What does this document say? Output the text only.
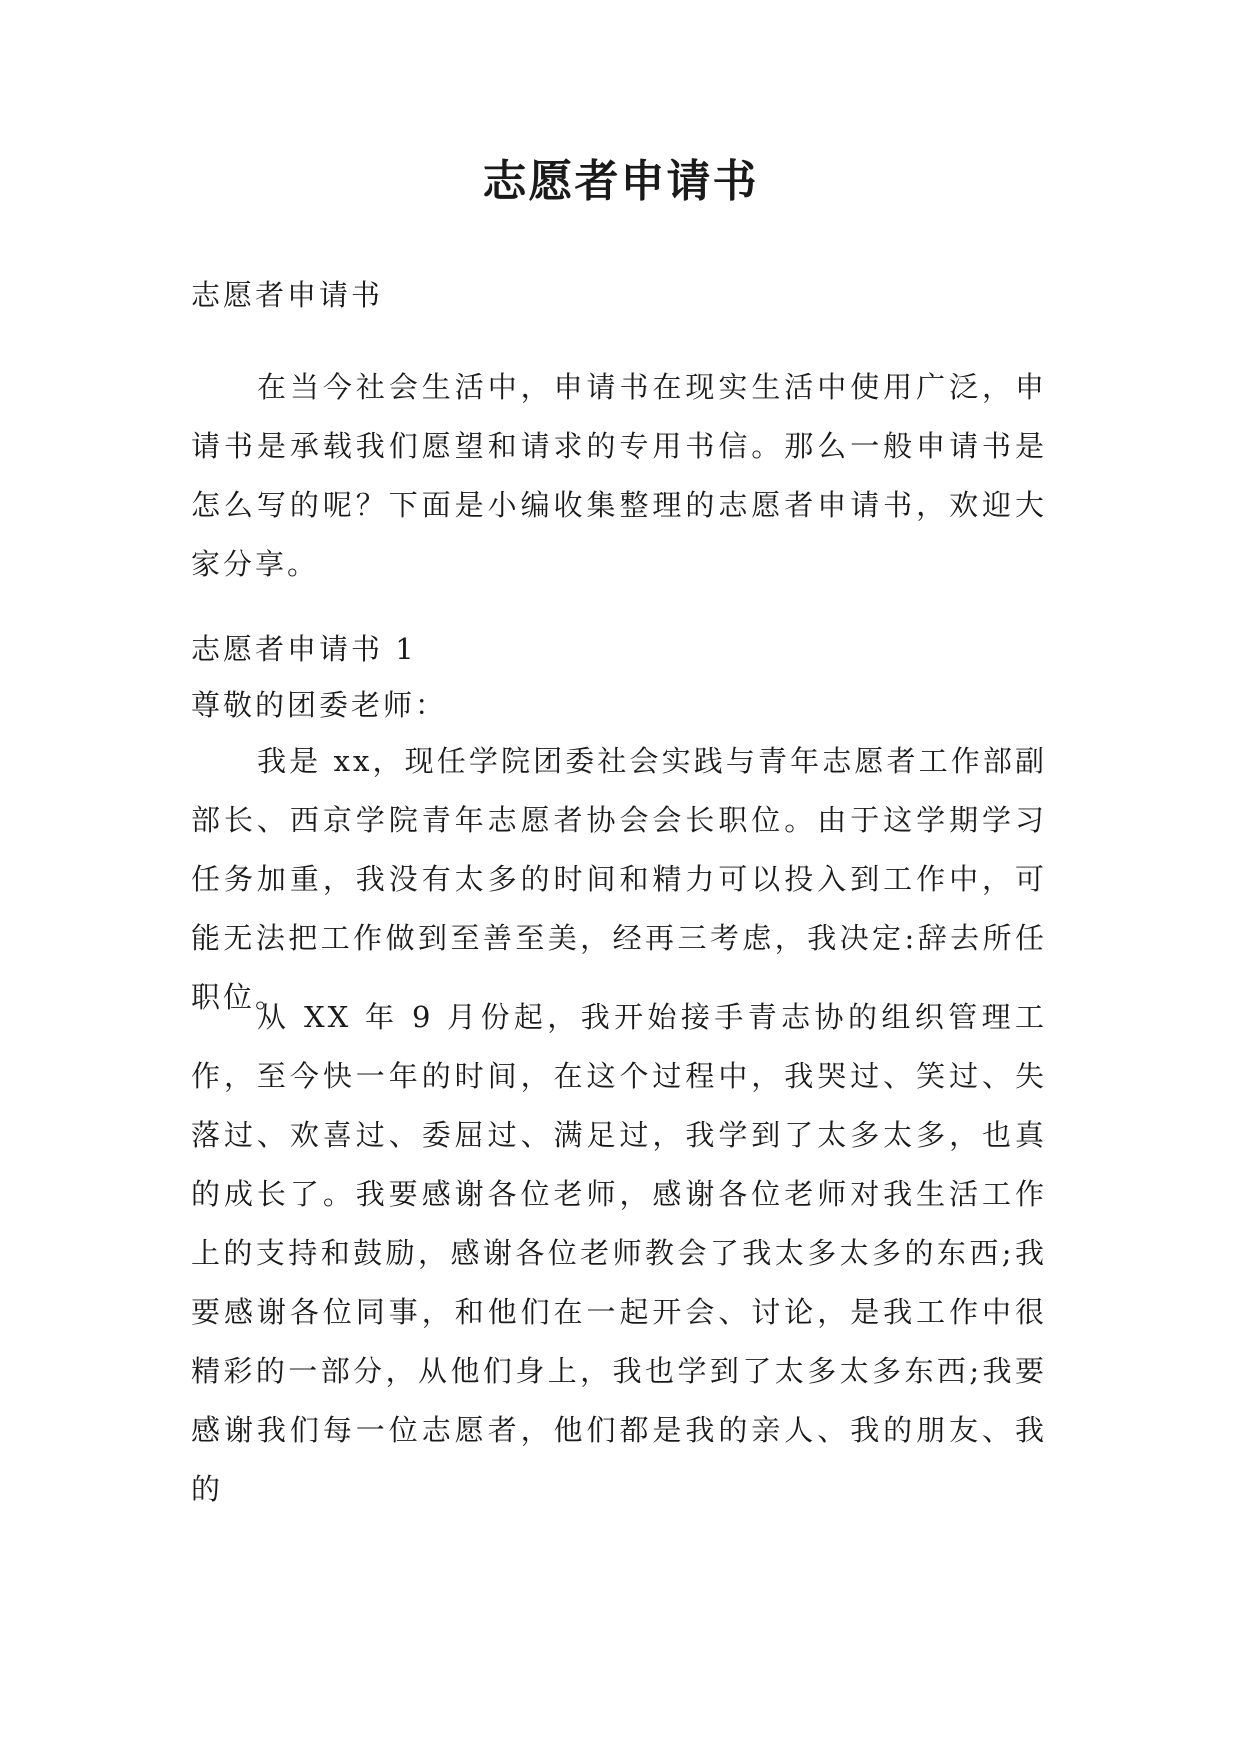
志愿者申请书

志愿者申请书

在当今社会生活中，申请书在现实生活中使用广泛，申请书是承载我们愿望和请求的专用书信。那么一般申请书是怎么写的呢？下面是小编收集整理的志愿者申请书，欢迎大家分享。

志愿者申请书 1

尊敬的团委老师：

我是 xx，现任学院团委社会实践与青年志愿者工作部副部长、西京学院青年志愿者协会会长职位。由于这学期学习任务加重，我没有太多的时间和精力可以投入到工作中，可能无法把工作做到至善至美，经再三考虑，我决定:辞去所任职位。

从 XX 年 9 月份起，我开始接手青志协的组织管理工作，至今快一年的时间，在这个过程中，我哭过、笑过、失落过、欢喜过、委屈过、满足过，我学到了太多太多，也真的成长了。我要感谢各位老师，感谢各位老师对我生活工作上的支持和鼓励，感谢各位老师教会了我太多太多的东西;我要感谢各位同事，和他们在一起开会、讨论，是我工作中很精彩的一部分，从他们身上，我也学到了太多太多东西;我要感谢我们每一位志愿者，他们都是我的亲人、我的朋友、我的
